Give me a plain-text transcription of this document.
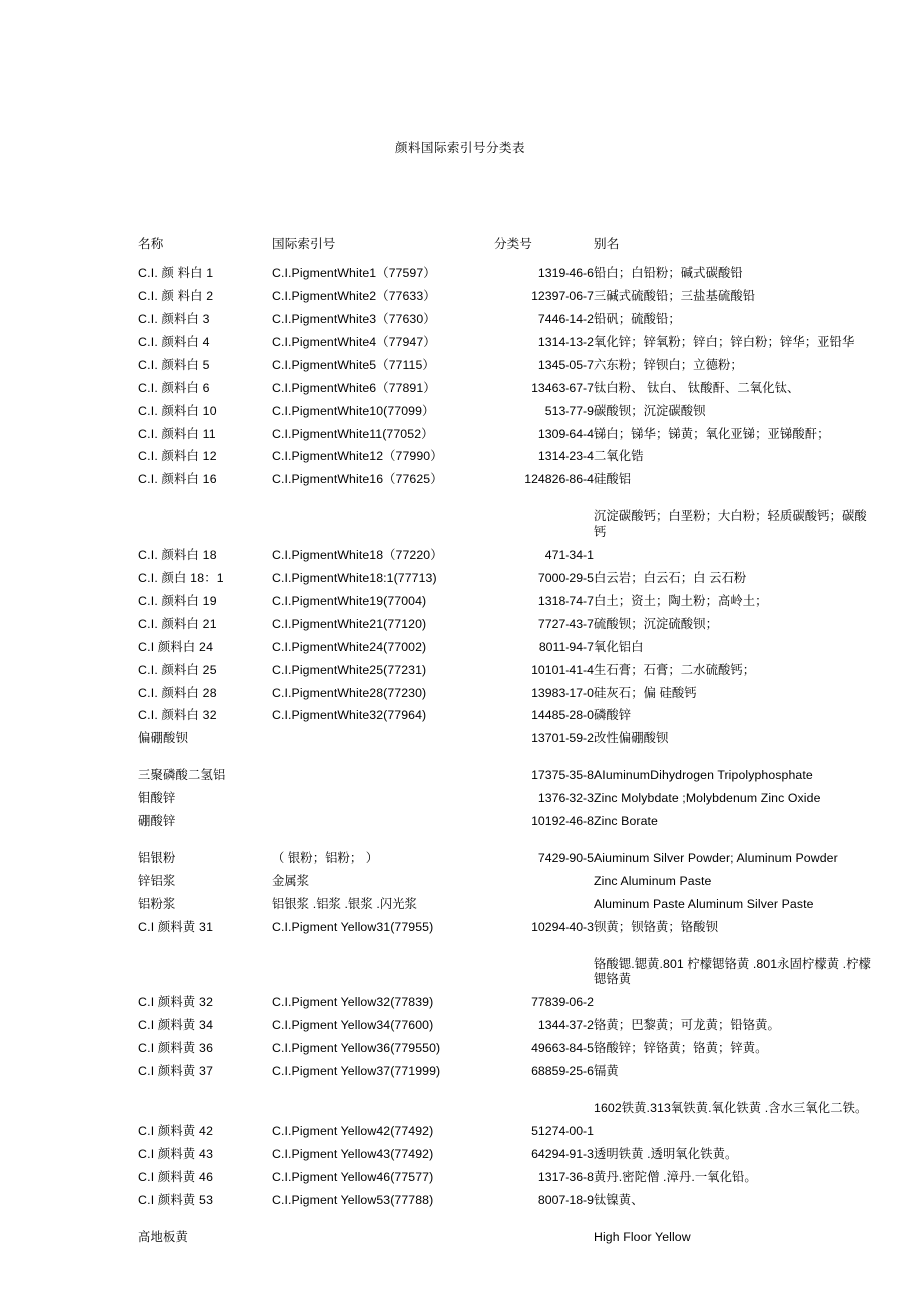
颜料国际索引号分类表
名称	国际索引号	分类号	别名
C.I. 颜 料白 1	C.I.PigmentWhite1（77597）	1319-46-6	铅白；白铅粉；碱式碳酸铅
C.I. 颜 料白 2	C.I.PigmentWhite2（77633）	12397-06-7	三碱式硫酸铅；三盐基硫酸铅
C.I. 颜料白 3	C.I.PigmentWhite3（77630）	7446-14-2	铅矾；硫酸铅；
C.I. 颜料白 4	C.I.PigmentWhite4（77947）	1314-13-2	氧化锌；锌氧粉；锌白；锌白粉；锌华；亚铅华
C.I. 颜料白 5	C.I.PigmentWhite5（77115）	1345-05-7	六东粉；锌钡白；立德粉；
C.I. 颜料白 6	C.I.PigmentWhite6（77891）	13463-67-7	钛白粉、 钛白、 钛酸酐、二氧化钛、
C.I. 颜料白 10	C.I.PigmentWhite10(77099）	513-77-9	碳酸钡；沉淀碳酸钡
C.I. 颜料白 11	C.I.PigmentWhite11(77052）	1309-64-4	锑白；锑华；锑黄；氧化亚锑；亚锑酸酐；
C.I. 颜料白 12	C.I.PigmentWhite12（77990）	1314-23-4	二氧化锆
C.I. 颜料白 16	C.I.PigmentWhite16（77625）	124826-86-4	硅酸铝

	沉淀碳酸钙；白垩粉；大白粉；轻质碳酸钙；碳酸钙
C.I. 颜料白 18	C.I.PigmentWhite18（77220）	471-34-1	

C.I. 颜白 18：1	C.I.PigmentWhite18:1(77713)	7000-29-5	白云岩；白云石；白 云石粉
C.I. 颜料白 19	C.I.PigmentWhite19(77004)	1318-74-7	白土；资土；陶土粉；高岭土；
C.I. 颜料白 21	C.I.PigmentWhite21(77120)	7727-43-7	硫酸钡；沉淀硫酸钡；
C.I 颜料白 24	C.I.PigmentWhite24(77002)	8011-94-7	氧化铝白
C.I. 颜料白 25	C.I.PigmentWhite25(77231)	10101-41-4	生石膏；石膏；二水硫酸钙；
C.I. 颜料白 28	C.I.PigmentWhite28(77230)	13983-17-0	硅灰石；偏 硅酸钙
C.I. 颜料白 32	C.I.PigmentWhite32(77964)	14485-28-0	磷酸锌
偏硼酸钡		13701-59-2	改性偏硼酸钡

三聚磷酸二氢铝		17375-35-8	AIuminumDihydrogen Tripolyphosphate
钼酸锌		1376-32-3	Zinc Molybdate ;Molybdenum Zinc Oxide
硼酸锌		10192-46-8	Zinc Borate

铝银粉	（ 银粉；铝粉； ）	7429-90-5	Aiuminum Silver Powder; Aluminum Powder
锌铝浆	金属浆		Zinc Aluminum Paste
铝粉浆	铝银浆 .铝浆 .银浆 .闪光浆		Aluminum Paste Aluminum Silver Paste
C.I 颜料黄 31	C.I.Pigment Yellow31(77955)	10294-40-3	钡黄；钡铬黄；铬酸钡

	铬酸锶.锶黄.801 柠檬锶铬黄 .801永固柠檬黄 .柠檬锶铬黄
C.I 颜料黄 32	C.I.Pigment Yellow32(77839)	77839-06-2	

C.I 颜料黄 34	C.I.Pigment Yellow34(77600)	1344-37-2	铬黄；巴黎黄；可龙黄；铅铬黄。
C.I 颜料黄 36	C.I.Pigment Yellow36(779550)	49663-84-5	铬酸锌；锌铬黄；铬黄；锌黄。
C.I 颜料黄 37	C.I.Pigment Yellow37(771999)	68859-25-6	镉黄

	1602铁黄.313氧铁黄.氧化铁黄 .含水三氧化二铁。
C.I 颜料黄 42	C.I.Pigment Yellow42(77492)	51274-00-1	

C.I 颜料黄 43	C.I.Pigment Yellow43(77492)	64294-91-3	透明铁黄 .透明氧化铁黄。
C.I 颜料黄 46	C.I.Pigment Yellow46(77577)	1317-36-8	黄丹.密陀僧 .漳丹.一氧化铅。
C.I 颜料黄 53	C.I.Pigment Yellow53(77788)	8007-18-9	钛镍黄、

高地板黄			High Floor Yellow
